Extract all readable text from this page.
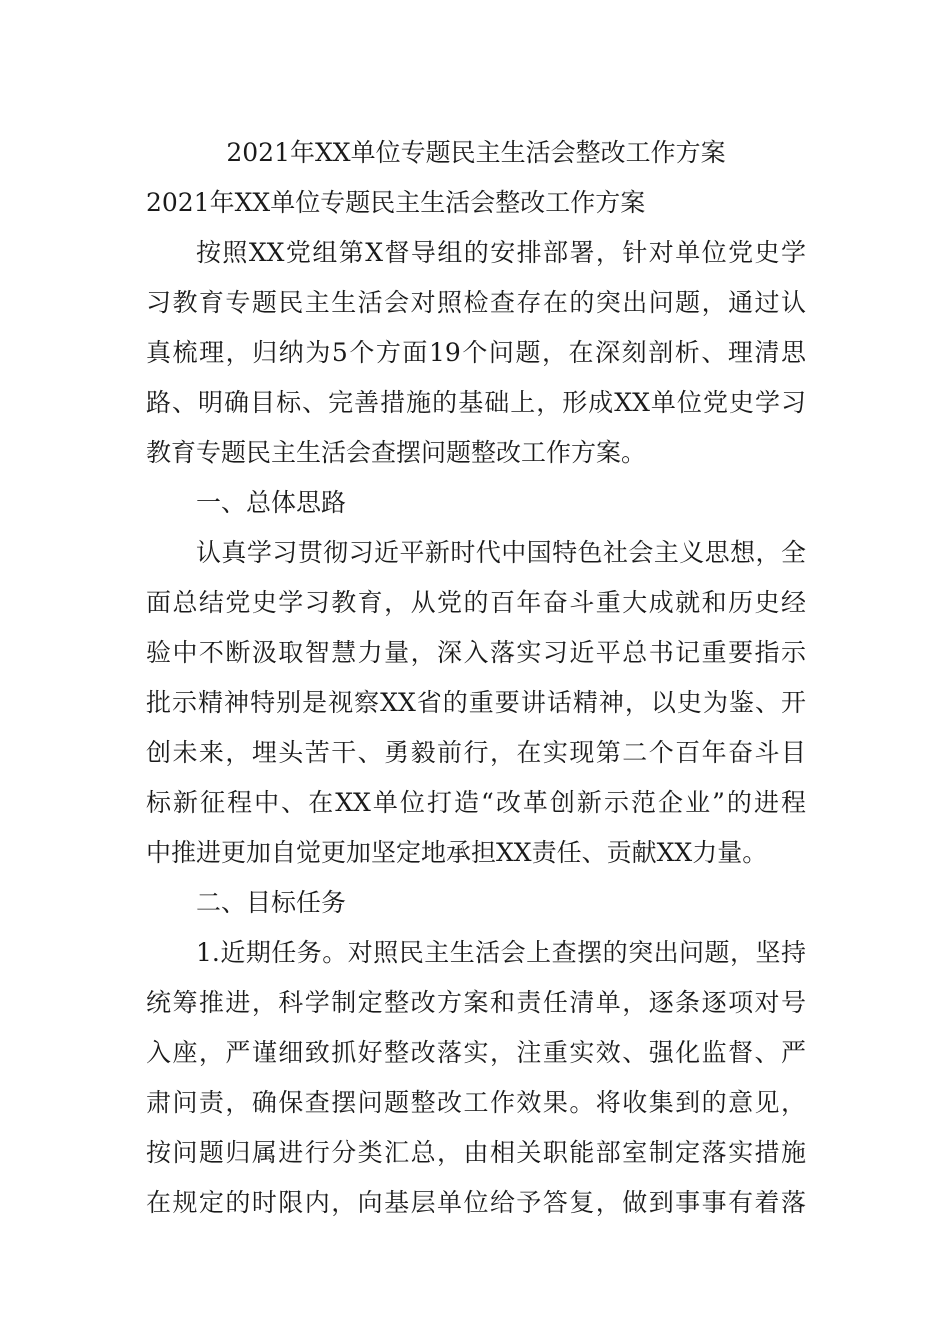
2021年XX单位专题民主生活会整改工作方案

2021年XX单位专题民主生活会整改工作方案

按照XX党组第X督导组的安排部署，针对单位党史学

习教育专题民主生活会对照检查存在的突出问题，通过认

真梳理，归纳为5个方面19个问题，在深刻剖析、理清思

路、明确目标、完善措施的基础上，形成XX单位党史学习

教育专题民主生活会查摆问题整改工作方案。

一、总体思路

认真学习贯彻习近平新时代中国特色社会主义思想，全

面总结党史学习教育，从党的百年奋斗重大成就和历史经

验中不断汲取智慧力量，深入落实习近平总书记重要指示

批示精神特别是视察XX省的重要讲话精神，以史为鉴、开

创未来，埋头苦干、勇毅前行，在实现第二个百年奋斗目

标新征程中、在XX单位打造“改革创新示范企业”的进程

中推进更加自觉更加坚定地承担XX责任、贡献XX力量。

二、目标任务

1.近期任务。对照民主生活会上查摆的突出问题，坚持

统筹推进，科学制定整改方案和责任清单，逐条逐项对号

入座，严谨细致抓好整改落实，注重实效、强化监督、严

肃问责，确保查摆问题整改工作效果。将收集到的意见，

按问题归属进行分类汇总，由相关职能部室制定落实措施

在规定的时限内，向基层单位给予答复，做到事事有着落
